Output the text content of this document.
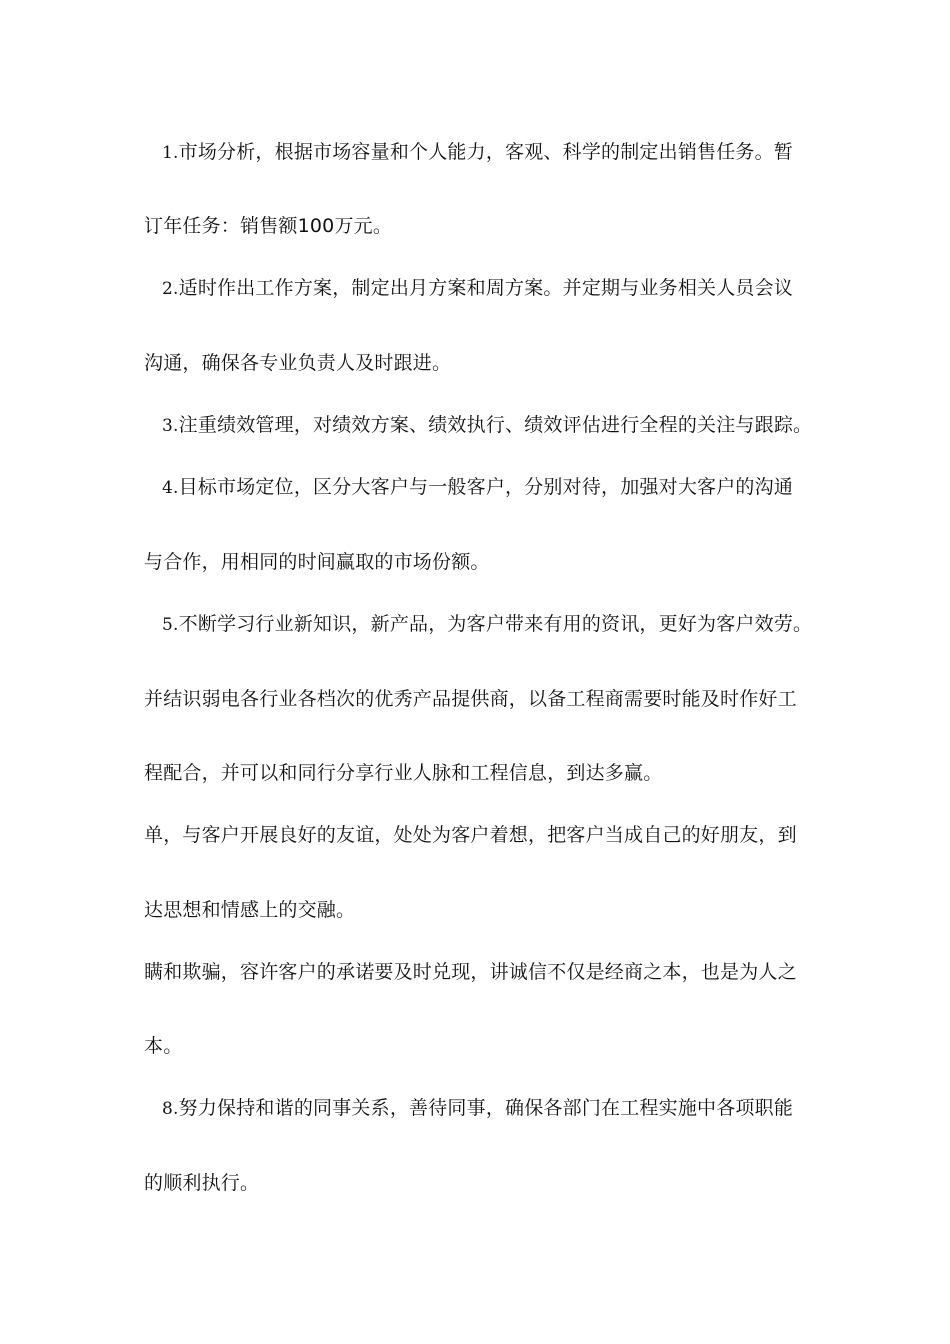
1.市场分析，根据市场容量和个人能力，客观、科学的制定出销售任务。暂
订年任务：销售额100万元。
2.适时作出工作方案，制定出月方案和周方案。并定期与业务相关人员会议
沟通，确保各专业负责人及时跟进。
3.注重绩效管理，对绩效方案、绩效执行、绩效评估进行全程的关注与跟踪。
4.目标市场定位，区分大客户与一般客户，分别对待，加强对大客户的沟通
与合作，用相同的时间赢取的市场份额。
5.不断学习行业新知识，新产品，为客户带来有用的资讯，更好为客户效劳。
并结识弱电各行业各档次的优秀产品提供商，以备工程商需要时能及时作好工
程配合，并可以和同行分享行业人脉和工程信息，到达多赢。
单，与客户开展良好的友谊，处处为客户着想，把客户当成自己的好朋友，到
达思想和情感上的交融。
瞒和欺骗，容许客户的承诺要及时兑现，讲诚信不仅是经商之本，也是为人之
本。
8.努力保持和谐的同事关系，善待同事，确保各部门在工程实施中各项职能
的顺利执行。
